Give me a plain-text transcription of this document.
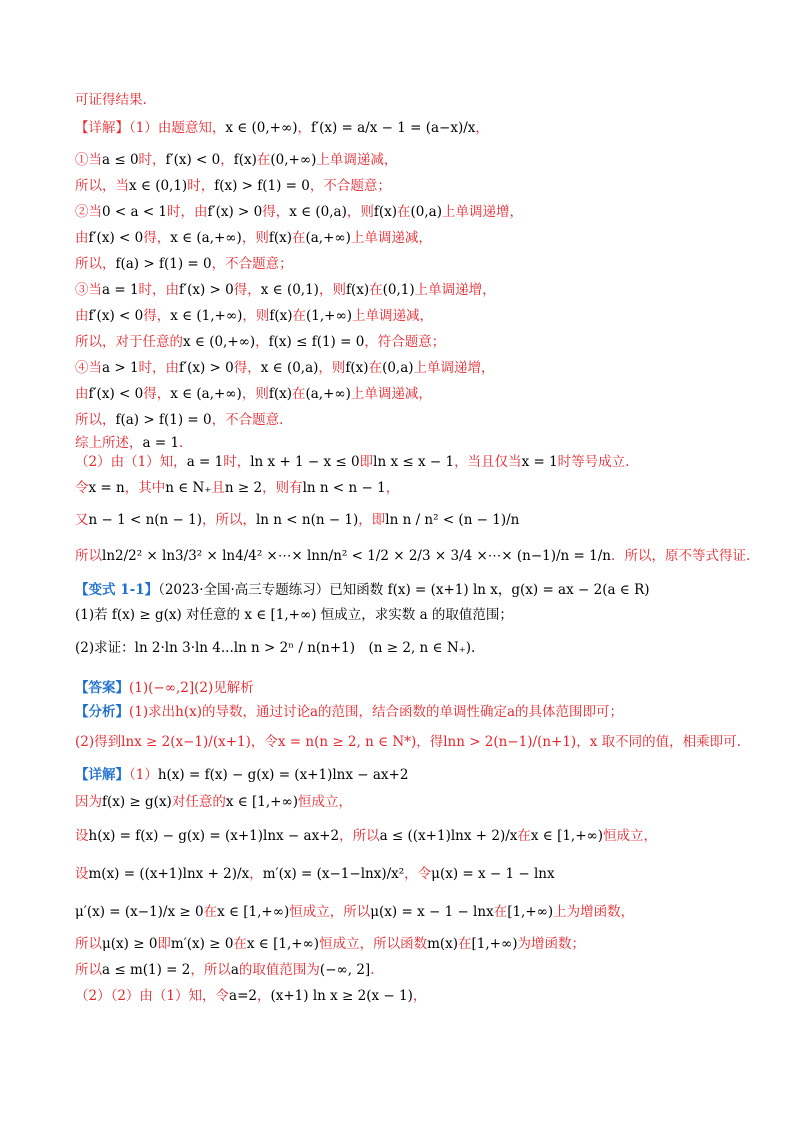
可证得结果.
【详解】（1）由题意知，x ∈ (0,+∞)，f′(x) = a/x − 1 = (a−x)/x，
①当a ≤ 0时，f′(x) < 0，f(x)在(0,+∞)上单调递减，
所以，当x ∈ (0,1)时，f(x) > f(1) = 0，不合题意；
②当0 < a < 1时，由f′(x) > 0得，x ∈ (0,a)，则f(x)在(0,a)上单调递增，
由f′(x) < 0得，x ∈ (a,+∞)，则f(x)在(a,+∞)上单调递减，
所以，f(a) > f(1) = 0，不合题意；
③当a = 1时，由f′(x) > 0得，x ∈ (0,1)，则f(x)在(0,1)上单调递增，
由f′(x) < 0得，x ∈ (1,+∞)，则f(x)在(1,+∞)上单调递减，
所以，对于任意的x ∈ (0,+∞)，f(x) ≤ f(1) = 0，符合题意；
④当a > 1时，由f′(x) > 0得，x ∈ (0,a)，则f(x)在(0,a)上单调递增，
由f′(x) < 0得，x ∈ (a,+∞)，则f(x)在(a,+∞)上单调递减，
所以，f(a) > f(1) = 0，不合题意.
综上所述，a = 1.
（2）由（1）知，a = 1时，ln x + 1 − x ≤ 0即ln x ≤ x − 1，当且仅当x = 1时等号成立.
令x = n，其中n ∈ N₊且n ≥ 2，则有ln n < n − 1，
又n − 1 < n(n − 1)，所以，ln n < n(n − 1)，即ln n / n² < (n − 1)/n
所以ln2/2² × ln3/3² × ln4/4² ×⋯× lnn/n² < 1/2 × 2/3 × 3/4 ×⋯× (n−1)/n = 1/n．所以，原不等式得证.
【变式 1-1】（2023·全国·高三专题练习）已知函数 f(x) = (x+1) ln x，g(x) = ax − 2(a ∈ R)
(1)若 f(x) ≥ g(x) 对任意的 x ∈ [1,+∞) 恒成立，求实数 a 的取值范围；
(2)求证：ln 2·ln 3·ln 4...ln n > 2ⁿ / n(n+1)　(n ≥ 2, n ∈ N₊).
【答案】(1)(−∞,2](2)见解析
【分析】(1)求出h(x)的导数，通过讨论a的范围，结合函数的单调性确定a的具体范围即可；
(2)得到lnx ≥ 2(x−1)/(x+1)，令x = n(n ≥ 2, n ∈ N*)，得lnn > 2(n−1)/(n+1)，x 取不同的值，相乘即可.
【详解】（1）h(x) = f(x) − g(x) = (x+1)lnx − ax+2
因为f(x) ≥ g(x)对任意的x ∈ [1,+∞)恒成立，
设h(x) = f(x) − g(x) = (x+1)lnx − ax+2，所以a ≤ ((x+1)lnx + 2)/x在x ∈ [1,+∞)恒成立，
设m(x) = ((x+1)lnx + 2)/x，m′(x) = (x−1−lnx)/x²，令μ(x) = x − 1 − lnx
μ′(x) = (x−1)/x ≥ 0在x ∈ [1,+∞)恒成立，所以μ(x) = x − 1 − lnx在[1,+∞)上为增函数，
所以μ(x) ≥ 0即m′(x) ≥ 0在x ∈ [1,+∞)恒成立，所以函数m(x)在[1,+∞)为增函数；
所以a ≤ m(1) = 2，所以a的取值范围为(−∞, 2].
（2）（2）由（1）知，令a=2，(x+1) ln x ≥ 2(x − 1)，
